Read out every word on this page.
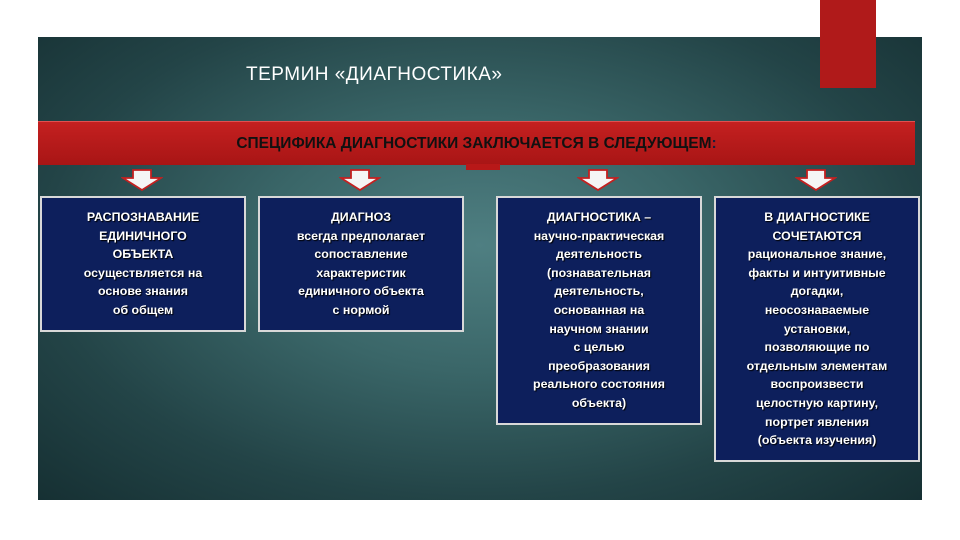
ТЕРМИН «ДИАГНОСТИКА»
СПЕЦИФИКА ДИАГНОСТИКИ ЗАКЛЮЧАЕТСЯ В СЛЕДУЮЩЕМ :
РАСПОЗНАВАНИЕ
ЕДИНИЧНОГО
ОБЪЕКТА
осуществляется на
основе знания
об общем
ДИАГНОЗ
всегда предполагает
сопоставление
характеристик
единичного объекта
с нормой
ДИАГНОСТИКА –
научно-практическая
деятельность
(познавательная
деятельность,
основанная на
научном знании
с целью
преобразования
реального состояния
объекта)
В ДИАГНОСТИКЕ
СОЧЕТАЮТСЯ
рациональное знание,
факты и интуитивные
догадки,
неосознаваемые
установки,
позволяющие по
отдельным элементам
воспроизвести
целостную картину,
портрет явления
(объекта изучения)
